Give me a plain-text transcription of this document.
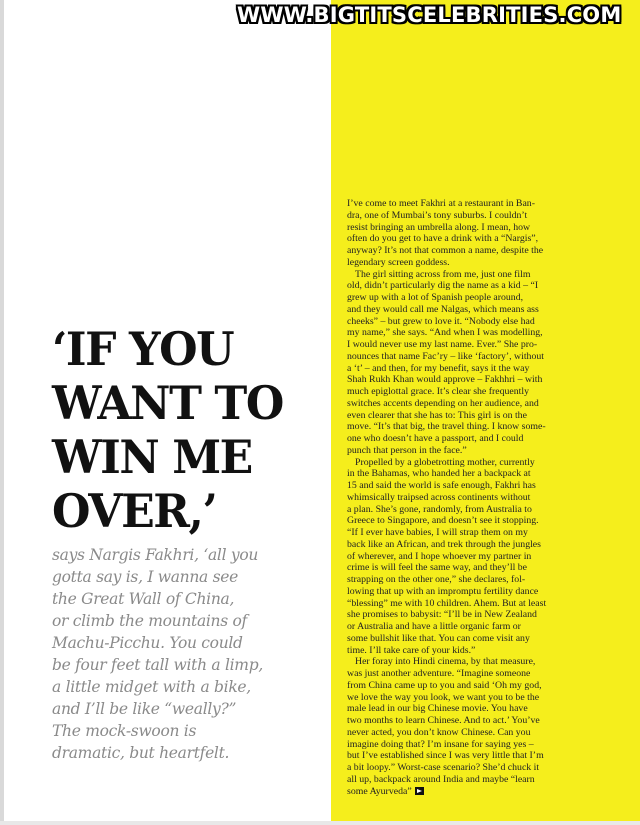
WWW.BIGTITSCELEBRITIES.COM
‘IF YOU
WANT TO
WIN ME
OVER,’
says Nargis Fakhri, ‘all you
gotta say is, I wanna see
the Great Wall of China,
or climb the mountains of
Machu-Picchu. You could
be four feet tall with a limp,
a little midget with a bike,
and I’ll be like “weally?”
The mock-swoon is
dramatic, but heartfelt.
I’ve come to meet Fakhri at a restaurant in Ban-
dra, one of Mumbai’s tony suburbs. I couldn’t
resist bringing an umbrella along. I mean, how
often do you get to have a drink with a “Nargis”,
anyway? It’s not that common a name, despite the
legendary screen goddess.
The girl sitting across from me, just one film
old, didn’t particularly dig the name as a kid – “I
grew up with a lot of Spanish people around,
and they would call me Nalgas, which means ass
cheeks” – but grew to love it. “Nobody else had
my name,” she says. “And when I was modelling,
I would never use my last name. Ever.” She pro-
nounces that name Fac’ry – like ‘factory’, without
a ‘t’ – and then, for my benefit, says it the way
Shah Rukh Khan would approve – Fakhhri – with
much epiglottal grace. It’s clear she frequently
switches accents depending on her audience, and
even clearer that she has to: This girl is on the
move. “It’s that big, the travel thing. I know some-
one who doesn’t have a passport, and I could
punch that person in the face.”
Propelled by a globetrotting mother, currently
in the Bahamas, who handed her a backpack at
15 and said the world is safe enough, Fakhri has
whimsically traipsed across continents without
a plan. She’s gone, randomly, from Australia to
Greece to Singapore, and doesn’t see it stopping.
“If I ever have babies, I will strap them on my
back like an African, and trek through the jungles
of wherever, and I hope whoever my partner in
crime is will feel the same way, and they’ll be
strapping on the other one,” she declares, fol-
lowing that up with an impromptu fertility dance
“blessing” me with 10 children. Ahem. But at least
she promises to babysit: “I’ll be in New Zealand
or Australia and have a little organic farm or
some bullshit like that. You can come visit any
time. I’ll take care of your kids.”
Her foray into Hindi cinema, by that measure,
was just another adventure. “Imagine someone
from China came up to you and said ‘Oh my god,
we love the way you look, we want you to be the
male lead in our big Chinese movie. You have
two months to learn Chinese. And to act.’ You’ve
never acted, you don’t know Chinese. Can you
imagine doing that? I’m insane for saying yes –
but I’ve established since I was very little that I’m
a bit loopy.” Worst-case scenario? She’d chuck it
all up, backpack around India and maybe “learn
some Ayurveda”
